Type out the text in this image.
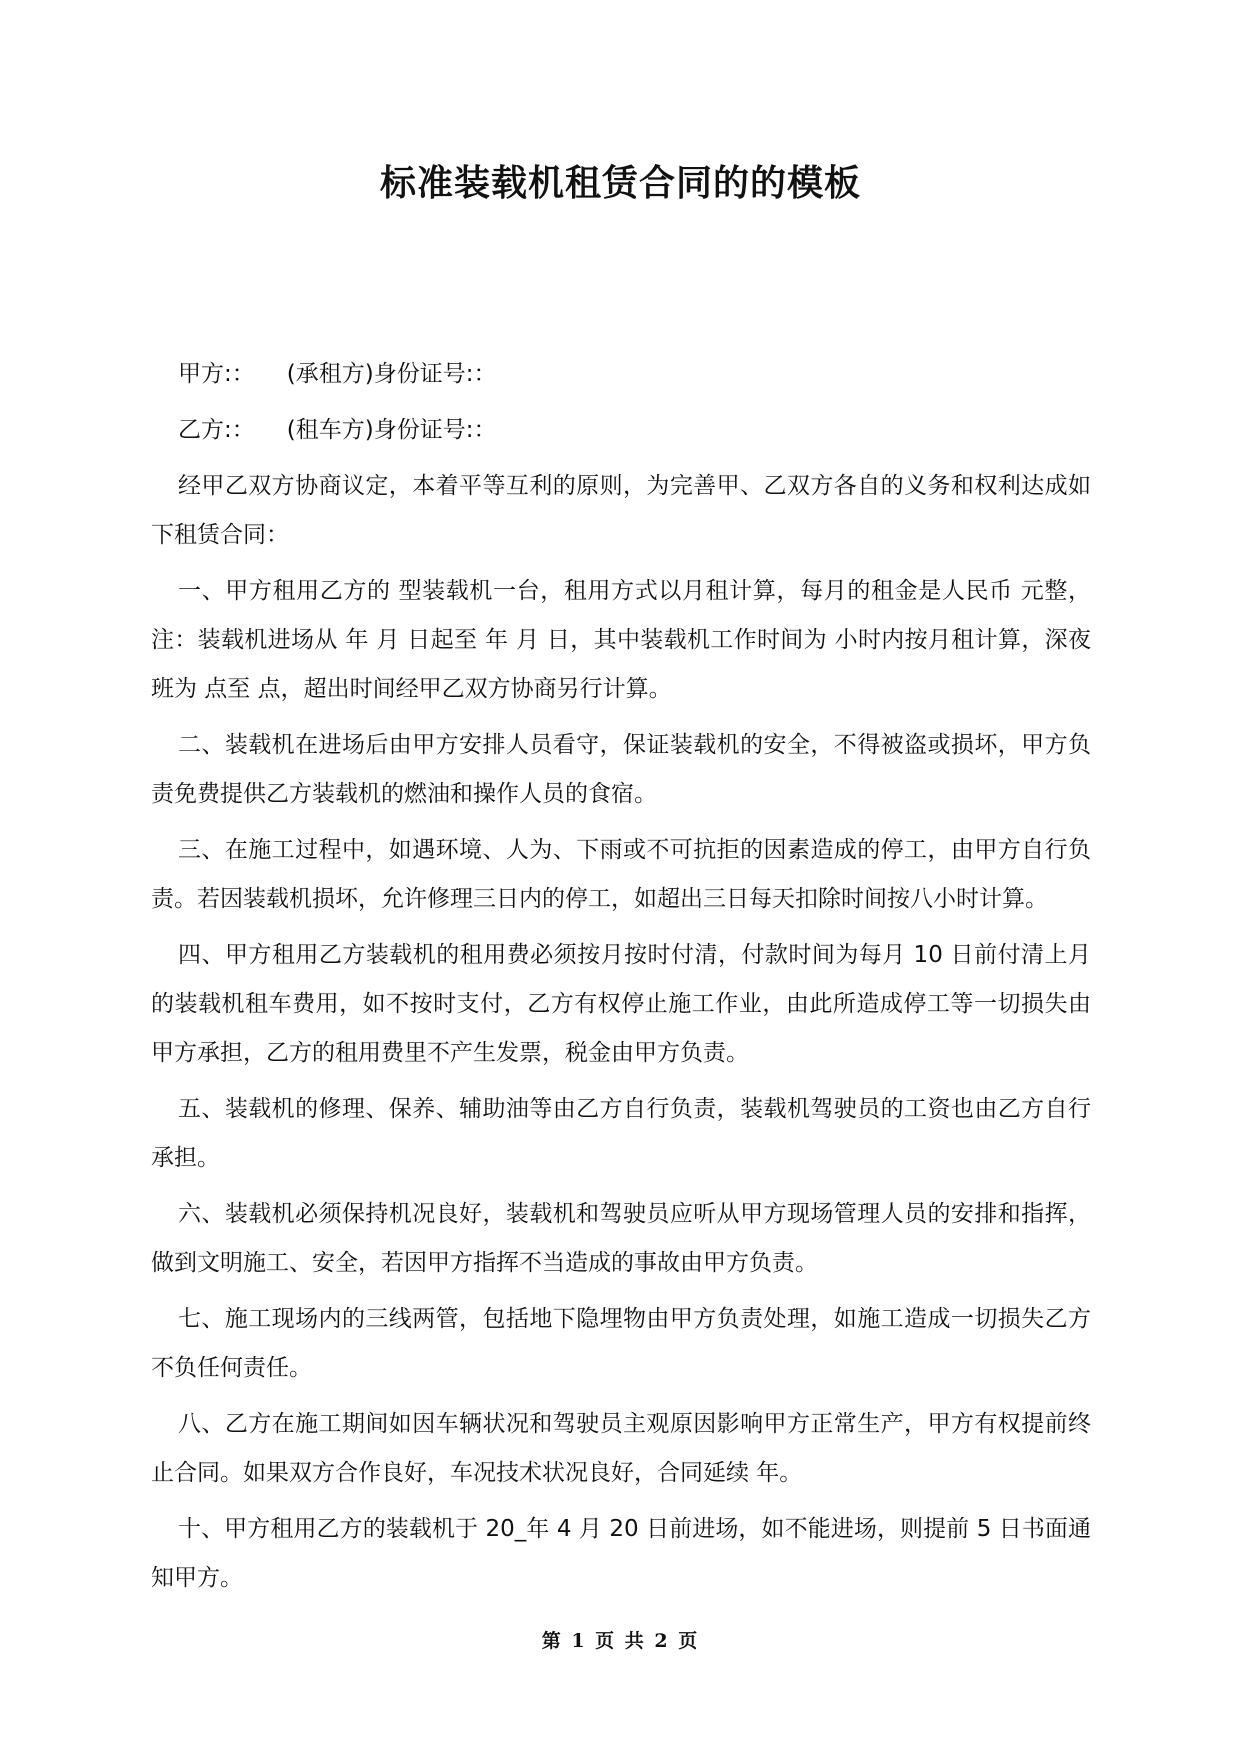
标准装载机租赁合同的的模板
甲方:： (承租方)身份证号:：
乙方:： (租车方)身份证号:：

经甲乙双方协商议定，本着平等互利的原则，为完善甲、乙双方各自的义务和权利达成如下租赁合同：

一、甲方租用乙方的 型装载机一台，租用方式以月租计算，每月的租金是人民币 元整，注：装载机进场从 年 月 日起至 年 月 日，其中装载机工作时间为 小时内按月租计算，深夜班为 点至 点，超出时间经甲乙双方协商另行计算。

二、装载机在进场后由甲方安排人员看守，保证装载机的安全，不得被盗或损坏，甲方负责免费提供乙方装载机的燃油和操作人员的食宿。

三、在施工过程中，如遇环境、人为、下雨或不可抗拒的因素造成的停工，由甲方自行负责。若因装载机损坏，允许修理三日内的停工，如超出三日每天扣除时间按八小时计算。

四、甲方租用乙方装载机的租用费必须按月按时付清，付款时间为每月 10 日前付清上月的装载机租车费用，如不按时支付，乙方有权停止施工作业，由此所造成停工等一切损失由甲方承担，乙方的租用费里不产生发票，税金由甲方负责。

五、装载机的修理、保养、辅助油等由乙方自行负责，装载机驾驶员的工资也由乙方自行承担。

六、装载机必须保持机况良好，装载机和驾驶员应听从甲方现场管理人员的安排和指挥，做到文明施工、安全，若因甲方指挥不当造成的事故由甲方负责。

七、施工现场内的三线两管，包括地下隐埋物由甲方负责处理，如施工造成一切损失乙方不负任何责任。

八、乙方在施工期间如因车辆状况和驾驶员主观原因影响甲方正常生产，甲方有权提前终止合同。如果双方合作良好，车况技术状况良好，合同延续 年。

十、甲方租用乙方的装载机于 20_年 4 月 20 日前进场，如不能进场，则提前 5 日书面通知甲方。

第 1 页 共 2 页
